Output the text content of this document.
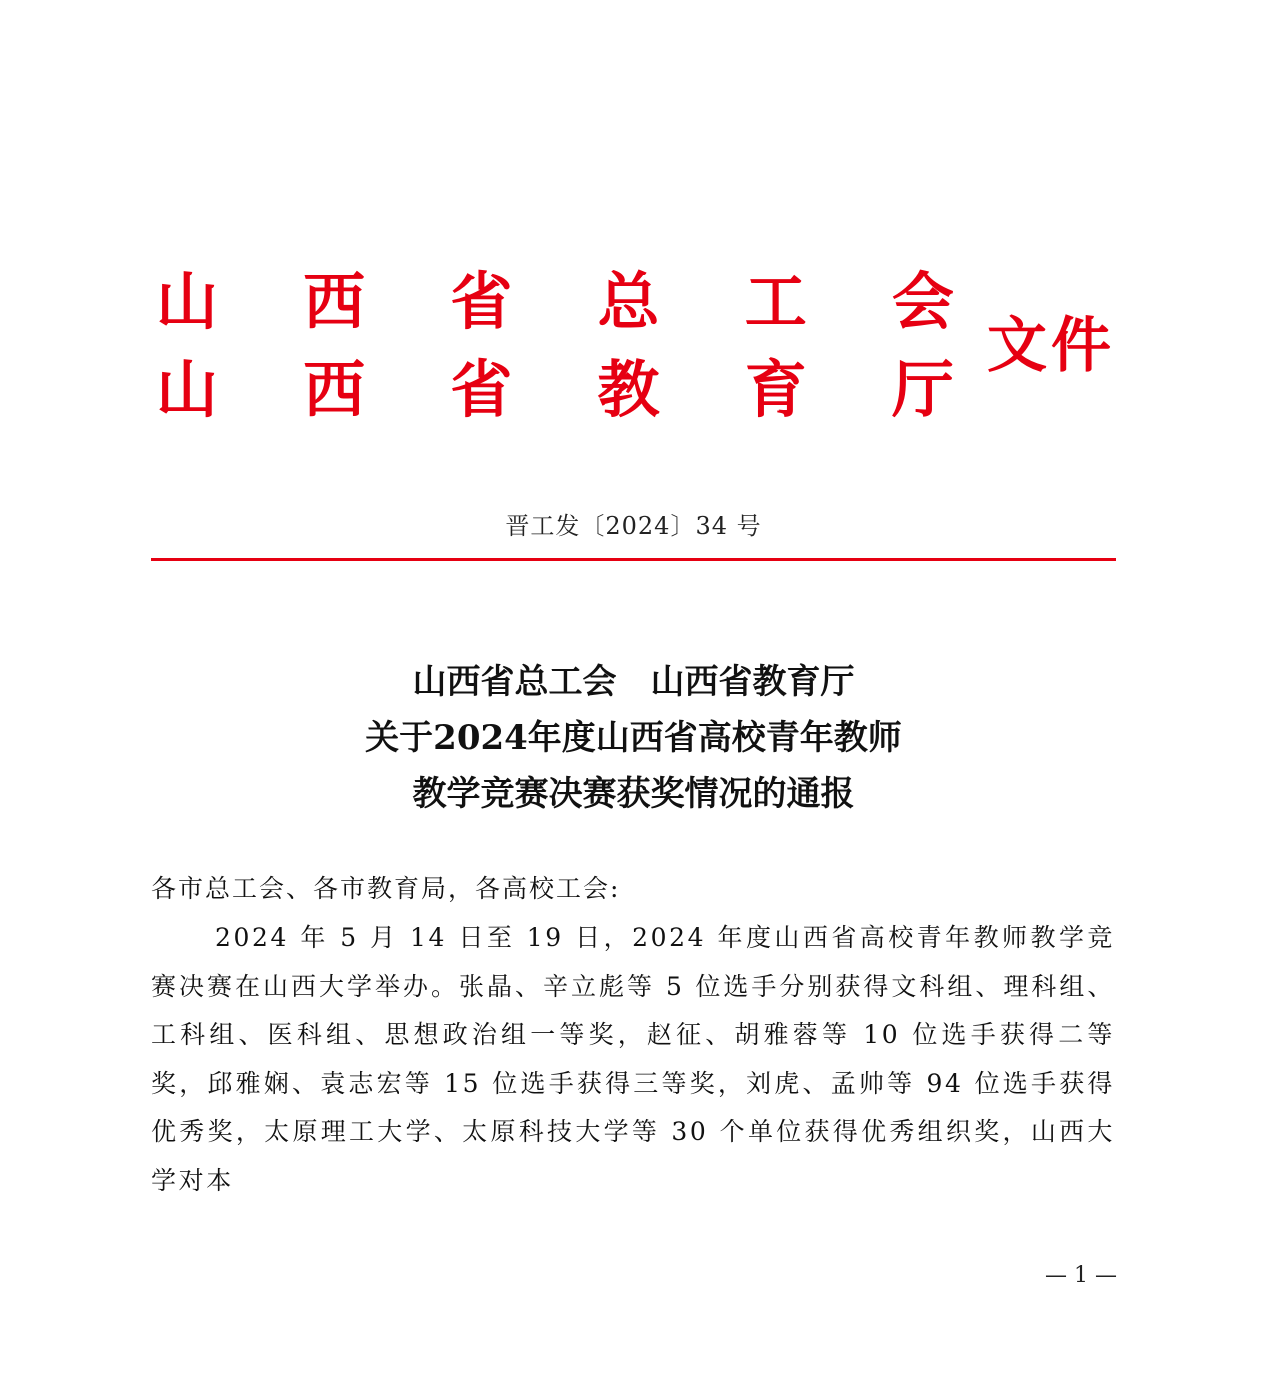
山 西 省 总 工 会
山 西 省 教 育 厅
文件
晋工发〔2024〕34 号
山西省总工会　山西省教育厅
关于2024年度山西省高校青年教师
教学竞赛决赛获奖情况的通报
各市总工会、各市教育局，各高校工会:
2024 年 5 月 14 日至 19 日，2024 年度山西省高校青年教师教学竞赛决赛在山西大学举办。张晶、辛立彪等 5 位选手分别获得文科组、理科组、工科组、医科组、思想政治组一等奖，赵征、胡雅蓉等 10 位选手获得二等奖，邱雅娴、袁志宏等 15 位选手获得三等奖，刘虎、孟帅等 94 位选手获得优秀奖，太原理工大学、太原科技大学等 30 个单位获得优秀组织奖，山西大学对本
— 1 —
